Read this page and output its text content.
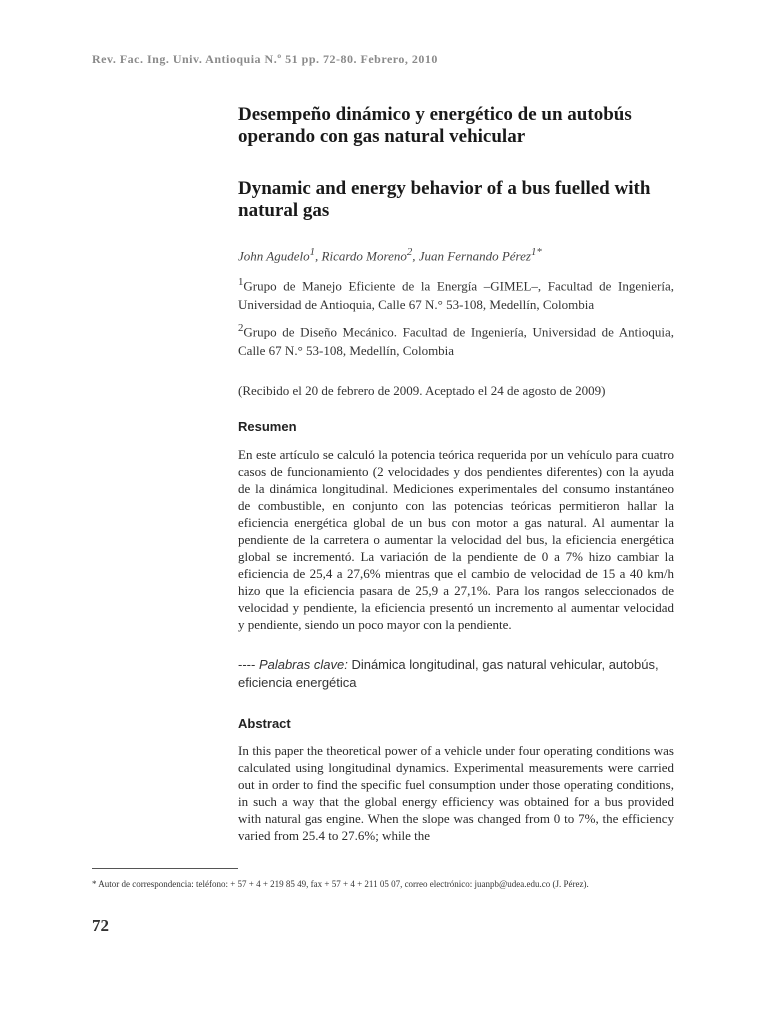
Rev. Fac. Ing. Univ. Antioquia N.º 51 pp. 72-80. Febrero, 2010
Desempeño dinámico y energético de un autobús operando con gas natural vehicular
Dynamic and energy behavior of a bus fuelled with natural gas
John Agudelo$^1$, Ricardo Moreno$^2$, Juan Fernando Pérez$^{1*}$
$^1$Grupo de Manejo Eficiente de la Energía –GIMEL–, Facultad de Ingeniería, Universidad de Antioquia, Calle 67 N.° 53-108, Medellín, Colombia
$^2$Grupo de Diseño Mecánico. Facultad de Ingeniería, Universidad de Antioquia, Calle 67 N.° 53-108, Medellín, Colombia
(Recibido el 20 de febrero de 2009. Aceptado el 24 de agosto de 2009)
Resumen
En este artículo se calculó la potencia teórica requerida por un vehículo para cuatro casos de funcionamiento (2 velocidades y dos pendientes diferentes) con la ayuda de la dinámica longitudinal. Mediciones experimentales del consumo instantáneo de combustible, en conjunto con las potencias teóricas permitieron hallar la eficiencia energética global de un bus con motor a gas natural. Al aumentar la pendiente de la carretera o aumentar la velocidad del bus, la eficiencia energética global se incrementó. La variación de la pendiente de 0 a 7% hizo cambiar la eficiencia de 25,4 a 27,6% mientras que el cambio de velocidad de 15 a 40 km/h hizo que la eficiencia pasara de 25,9 a 27,1%. Para los rangos seleccionados de velocidad y pendiente, la eficiencia presentó un incremento al aumentar velocidad y pendiente, siendo un poco mayor con la pendiente.
---- Palabras clave: Dinámica longitudinal, gas natural vehicular, autobús, eficiencia energética
Abstract
In this paper the theoretical power of a vehicle under four operating conditions was calculated using longitudinal dynamics. Experimental measurements were carried out in order to find the specific fuel consumption under those operating conditions, in such a way that the global energy efficiency was obtained for a bus provided with natural gas engine. When the slope was changed from 0 to 7%, the efficiency varied from 25.4 to 27.6%; while the
* Autor de correspondencia: teléfono: + 57 + 4 + 219 85 49, fax + 57 + 4 + 211 05 07, correo electrónico: juanpb@udea.edu.co (J. Pérez).
72
